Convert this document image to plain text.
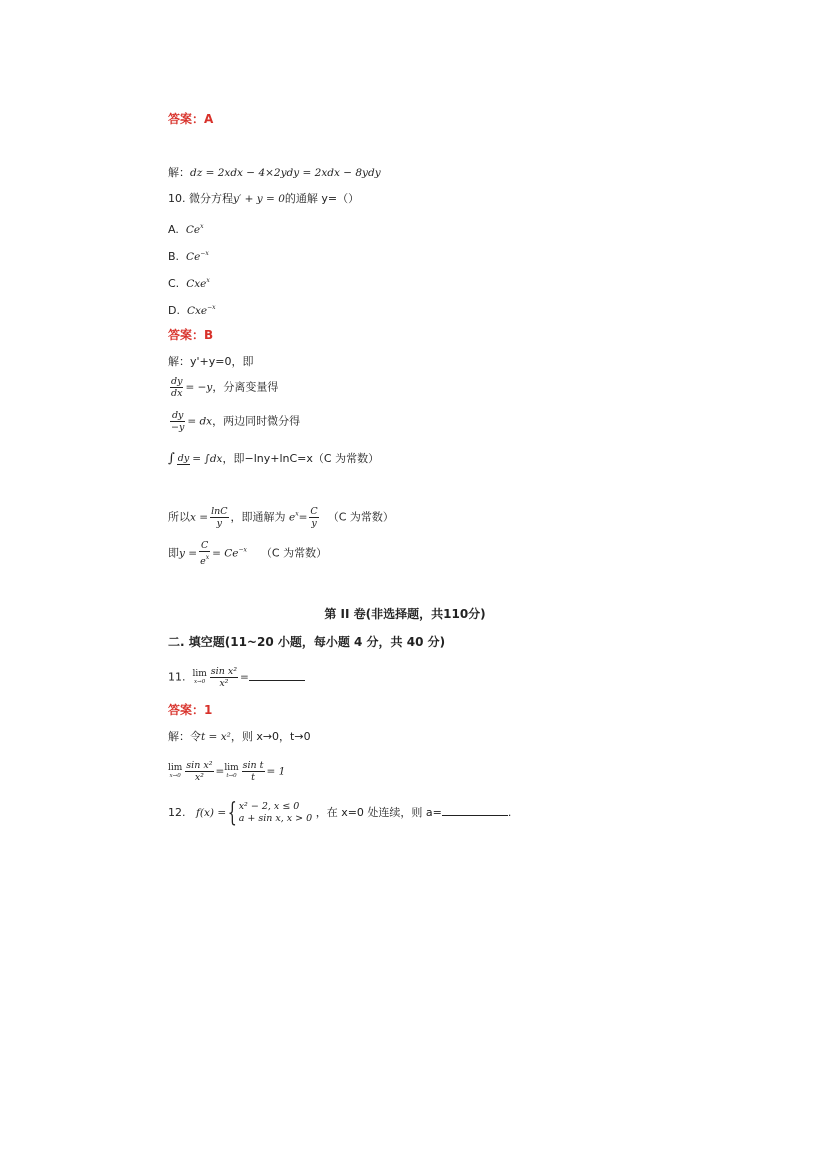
答案：A
解：dz = 2xdx − 4×2ydy = 2xdx − 8ydy
10. 微分方程y′ + y = 0的通解 y=（）
A. Ce$^x$
B. $Ce^{-x}$
C. Cxe$^x$
D. Cxe$^{-x}$
答案：B
解：y'+y=0，即
$\frac{dy}{dx} = -y$，分离变量得
$\frac{dy}{-y}$ = dx，两边同时微分得
∫ dy = ∫dx，即−lny+lnC=x（C 为常数）
所以$x = \frac{\ln C}{y}$ ，即通解为 $e^x= \frac{C}{y} (C$ 为常数）
即$y = \frac{C}{e^x} = Ce^{-x}$ （C 为常数）
第 II 卷(非选择题，共110分)
二. 填空题(11~20 小题，每小题 4 分，共 40 分)
11. lim
$x\to 0 \frac{\text{sin x²}}{\text{x²}}$ =
答案：1
解：令t = x²，则 x→0，t→0
lim
$x\to 0 \frac{\text{sin x²}}{\text{x²}} = \lim$
$t\to 0 \frac{\text{sin t}}{t} = 1$
12. f(x) ={ x² − 2, x ≤ 0
a + sin x, x > 0 ，在 x=0 处连续，则 a=	.
